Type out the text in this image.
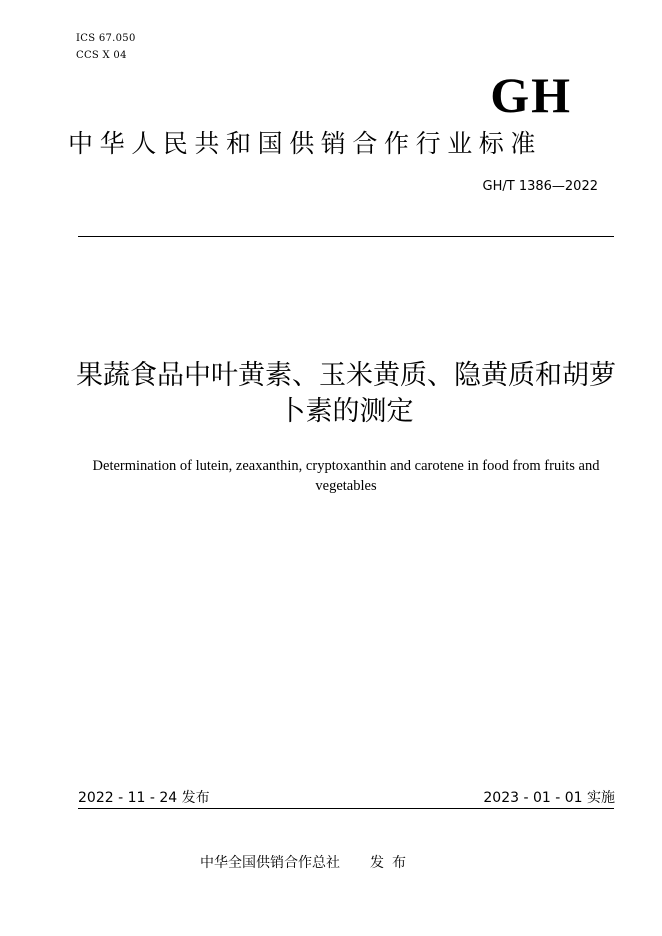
ICS 67.050
CCS X 04
GH
中华人民共和国供销合作行业标准
GH/T 1386—2022
果蔬食品中叶黄素、玉米黄质、隐黄质和胡萝卜素的测定
Determination of lutein, zeaxanthin, cryptoxanthin and carotene in food from fruits and vegetables
2022 - 11 - 24 发布	2023 - 01 - 01 实施
中华全国供销合作总社 发布
